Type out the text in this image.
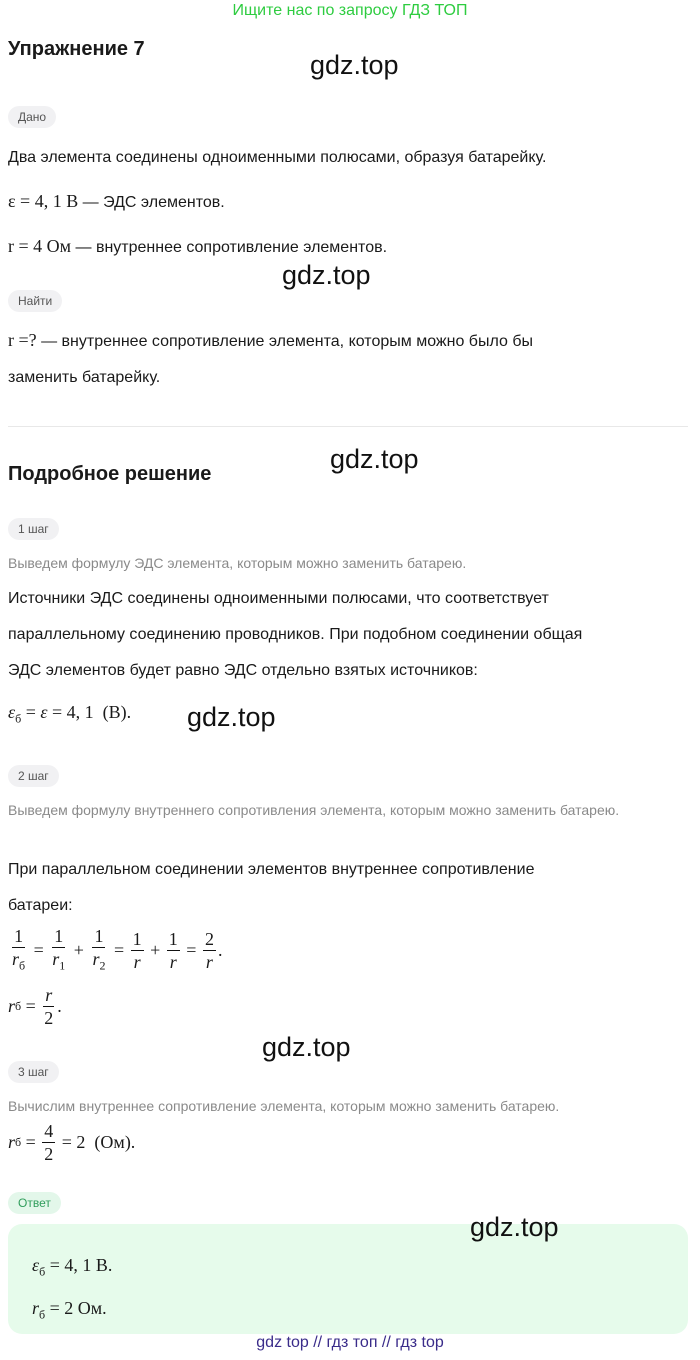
Ищите нас по запросу ГДЗ ТОП
Упражнение 7
gdz.top
Дано
Два элемента соединены одноименными полюсами, образуя батарейку.
ε = 4, 1 В — ЭДС элементов.
r = 4 Ом — внутреннее сопротивление элементов.
gdz.top
Найти
r =? — внутреннее сопротивление элемента, которым можно было бы
заменить батарейку.
Подробное решение	gdz.top
1 шаг
Выведем формулу ЭДС элемента, которым можно заменить батарею.
Источники ЭДС соединены одноименными полюсами, что соответствует
параллельному соединению проводников. При подобном соединении общая
ЭДС элементов будет равно ЭДС отдельно взятых источников:
$\varepsilon_б = \varepsilon = 4$, 1  (В). gdz.top
2 шаг
Выведем формулу внутреннего сопротивления элемента, которым можно заменить батарею.
При параллельном соединении элементов внутреннее сопротивление
батареи:
$\frac{1}{r_б} = \frac{1}{r_1} + \frac{1}{r_2} = \frac{1}{r} + \frac{1}{r} = \frac{2}{r}$ .
r $б = \frac{r}{2}$ .
gdz.top
3 шаг
Вычислим внутреннее сопротивление элемента, которым можно заменить батарею.
r $б = \frac{4}{2} = 2$  (Ом).
Ответ
gdz.top
$\varepsilon_б = 4$, 1 В.
$r_б = 2$ Ом.
gdz top // гдз топ // гдз top
